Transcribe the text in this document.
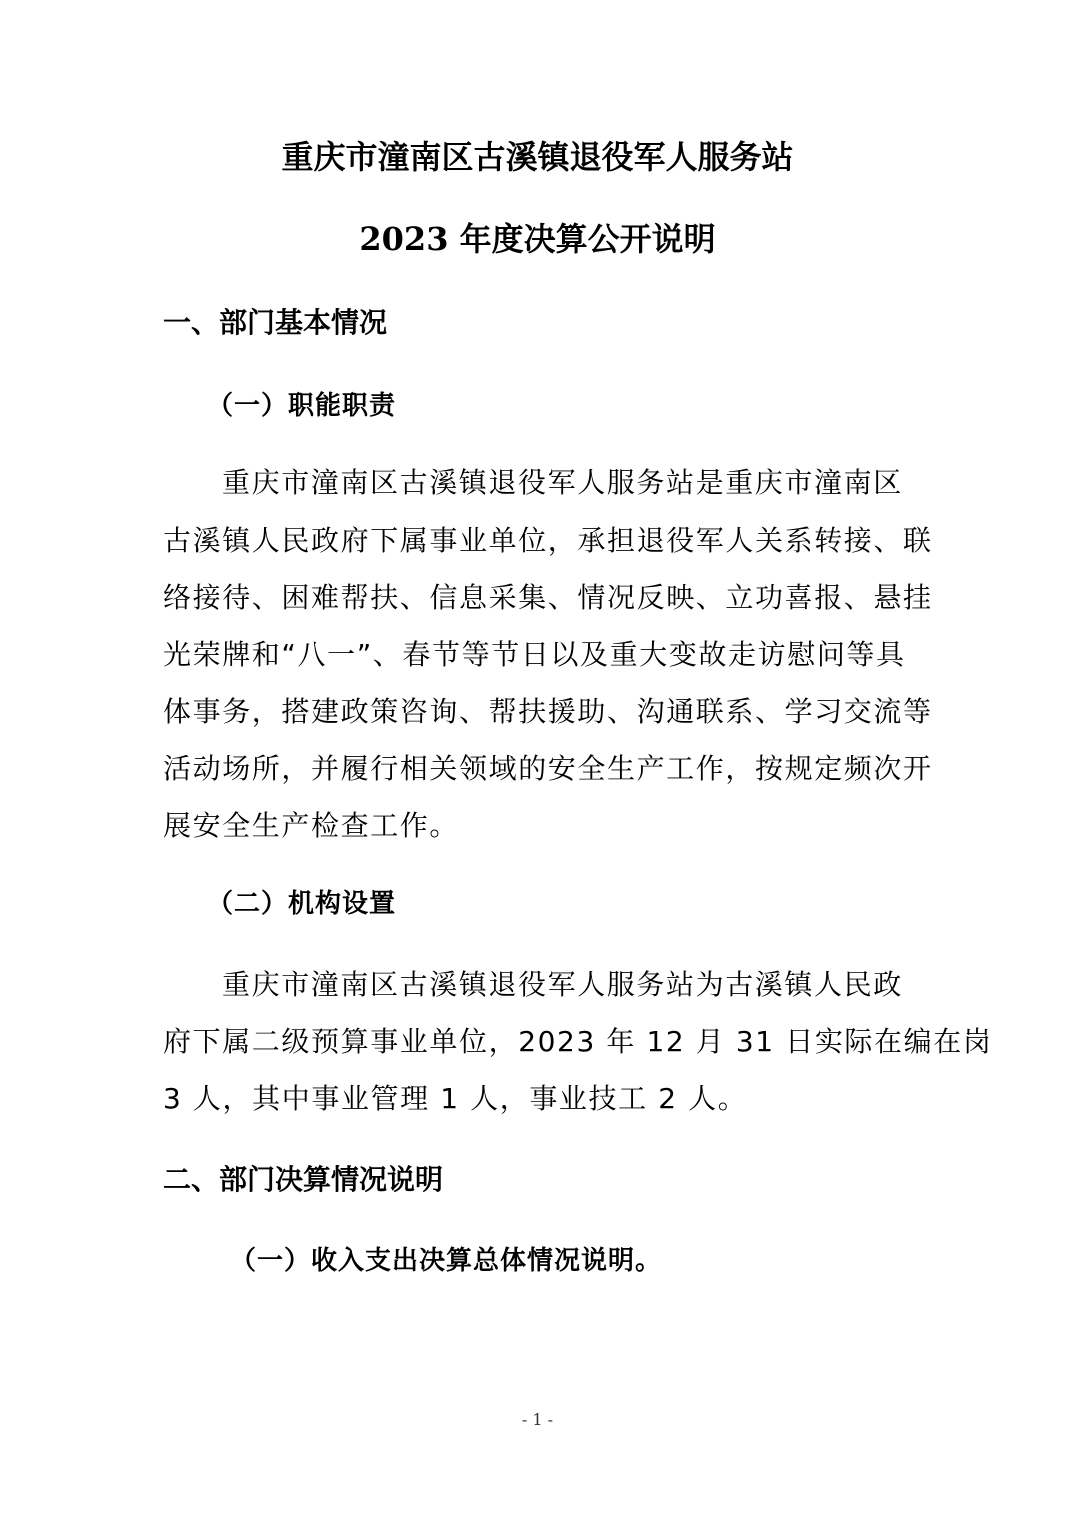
重庆市潼南区古溪镇退役军人服务站
2023 年度决算公开说明
一、部门基本情况
（一）职能职责
重庆市潼南区古溪镇退役军人服务站是重庆市潼南区
古溪镇人民政府下属事业单位，承担退役军人关系转接、联
络接待、困难帮扶、信息采集、情况反映、立功喜报、悬挂
光荣牌和“八一”、春节等节日以及重大变故走访慰问等具
体事务，搭建政策咨询、帮扶援助、沟通联系、学习交流等
活动场所，并履行相关领域的安全生产工作，按规定频次开
展安全生产检查工作。
（二）机构设置
重庆市潼南区古溪镇退役军人服务站为古溪镇人民政
府下属二级预算事业单位，2023 年 12 月 31 日实际在编在岗
3 人，其中事业管理 1 人，事业技工 2 人。
二、部门决算情况说明
（一）收入支出决算总体情况说明。
- 1 -
